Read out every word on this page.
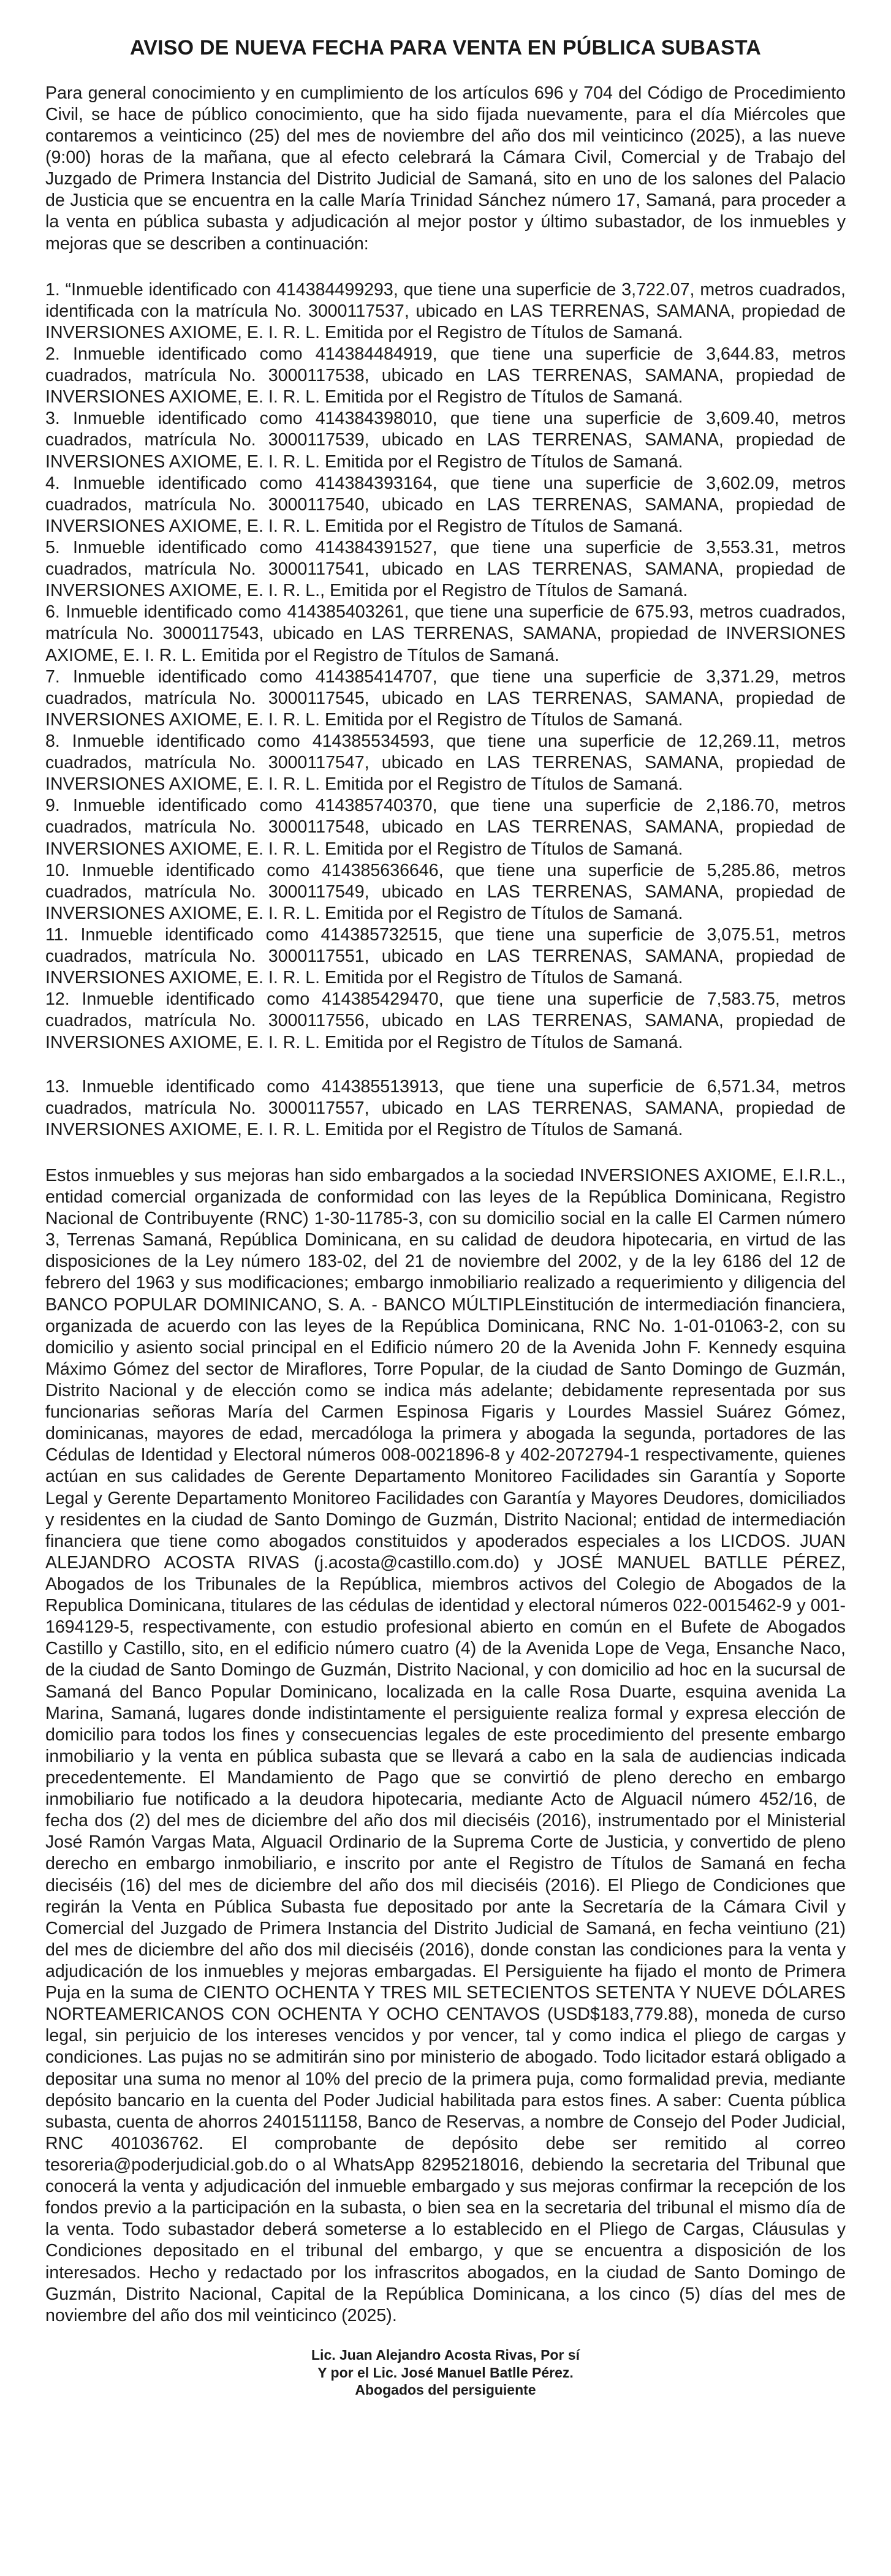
AVISO DE NUEVA FECHA PARA VENTA EN PÚBLICA SUBASTA

Para general conocimiento y en cumplimiento de los artículos 696 y 704 del Código de Procedimiento Civil, se hace de público conocimiento, que ha sido fijada nuevamente, para el día Miércoles que contaremos a veinticinco (25) del mes de noviembre del año dos mil veinticinco (2025), a las nueve (9:00) horas de la mañana, que al efecto celebrará la Cámara Civil, Comercial y de Trabajo del Juzgado de Primera Instancia del Distrito Judicial de Samaná, sito en uno de los salones del Palacio de Justicia que se encuentra en la calle María Trinidad Sánchez número 17, Samaná, para proceder a la venta en pública subasta y adjudicación al mejor postor y último subastador, de los inmuebles y mejoras que se describen a continuación:

1. “Inmueble identificado con 414384499293, que tiene una superficie de 3,722.07, metros cuadrados, identificada con la matrícula No. 3000117537, ubicado en LAS TERRENAS, SAMANA, propiedad de INVERSIONES AXIOME, E. I. R. L. Emitida por el Registro de Títulos de Samaná.

2. Inmueble identificado como 414384484919, que tiene una superficie de 3,644.83, metros cuadrados, matrícula No. 3000117538, ubicado en LAS TERRENAS, SAMANA, propiedad de INVERSIONES AXIOME, E. I. R. L. Emitida por el Registro de Títulos de Samaná.

3. Inmueble identificado como 414384398010, que tiene una superficie de 3,609.40, metros cuadrados, matrícula No. 3000117539, ubicado en LAS TERRENAS, SAMANA, propiedad de INVERSIONES AXIOME, E. I. R. L. Emitida por el Registro de Títulos de Samaná.

4. Inmueble identificado como 414384393164, que tiene una superficie de 3,602.09, metros cuadrados, matrícula No. 3000117540, ubicado en LAS TERRENAS, SAMANA, propiedad de INVERSIONES AXIOME, E. I. R. L. Emitida por el Registro de Títulos de Samaná.

5. Inmueble identificado como 414384391527, que tiene una superficie de 3,553.31, metros cuadrados, matrícula No. 3000117541, ubicado en LAS TERRENAS, SAMANA, propiedad de INVERSIONES AXIOME, E. I. R. L., Emitida por el Registro de Títulos de Samaná.

6. Inmueble identificado como 414385403261, que tiene una superficie de 675.93, metros cuadrados, matrícula No. 3000117543, ubicado en LAS TERRENAS, SAMANA, propiedad de INVERSIONES AXIOME, E. I. R. L. Emitida por el Registro de Títulos de Samaná.

7. Inmueble identificado como 414385414707, que tiene una superficie de 3,371.29, metros cuadrados, matrícula No. 3000117545, ubicado en LAS TERRENAS, SAMANA, propiedad de INVERSIONES AXIOME, E. I. R. L. Emitida por el Registro de Títulos de Samaná.

8. Inmueble identificado como 414385534593, que tiene una superficie de 12,269.11, metros cuadrados, matrícula No. 3000117547, ubicado en LAS TERRENAS, SAMANA, propiedad de INVERSIONES AXIOME, E. I. R. L. Emitida por el Registro de Títulos de Samaná.

9. Inmueble identificado como 414385740370, que tiene una superficie de 2,186.70, metros cuadrados, matrícula No. 3000117548, ubicado en LAS TERRENAS, SAMANA, propiedad de INVERSIONES AXIOME, E. I. R. L. Emitida por el Registro de Títulos de Samaná.

10. Inmueble identificado como 414385636646, que tiene una superficie de 5,285.86, metros cuadrados, matrícula No. 3000117549, ubicado en LAS TERRENAS, SAMANA, propiedad de INVERSIONES AXIOME, E. I. R. L. Emitida por el Registro de Títulos de Samaná.

11. Inmueble identificado como 414385732515, que tiene una superficie de 3,075.51, metros cuadrados, matrícula No. 3000117551, ubicado en LAS TERRENAS, SAMANA, propiedad de INVERSIONES AXIOME, E. I. R. L. Emitida por el Registro de Títulos de Samaná.

12. Inmueble identificado como 414385429470, que tiene una superficie de 7,583.75, metros cuadrados, matrícula No. 3000117556, ubicado en LAS TERRENAS, SAMANA, propiedad de INVERSIONES AXIOME, E. I. R. L. Emitida por el Registro de Títulos de Samaná.

13. Inmueble identificado como 414385513913, que tiene una superficie de 6,571.34, metros cuadrados, matrícula No. 3000117557, ubicado en LAS TERRENAS, SAMANA, propiedad de INVERSIONES AXIOME, E. I. R. L. Emitida por el Registro de Títulos de Samaná.

Estos inmuebles y sus mejoras han sido embargados a la sociedad INVERSIONES AXIOME, E.I.R.L., entidad comercial organizada de conformidad con las leyes de la República Dominicana, Registro Nacional de Contribuyente (RNC) 1-30-11785-3, con su domicilio social en la calle El Carmen número 3, Terrenas Samaná, República Dominicana, en su calidad de deudora hipotecaria, en virtud de las disposiciones de la Ley número 183-02, del 21 de noviembre del 2002, y de la ley 6186 del 12 de febrero del 1963 y sus modificaciones; embargo inmobiliario realizado a requerimiento y diligencia del BANCO POPULAR DOMINICANO, S. A. - BANCO MÚLTIPLEinstitución de intermediación financiera, organizada de acuerdo con las leyes de la República Dominicana, RNC No. 1-01-01063-2, con su domicilio y asiento social principal en el Edificio número 20 de la Avenida John F. Kennedy esquina Máximo Gómez del sector de Miraflores, Torre Popular, de la ciudad de Santo Domingo de Guzmán, Distrito Nacional y de elección como se indica más adelante; debidamente representada por sus funcionarias señoras María del Carmen Espinosa Figaris y Lourdes Massiel Suárez Gómez, dominicanas, mayores de edad, mercadóloga la primera y abogada la segunda, portadores de las Cédulas de Identidad y Electoral números 008-0021896-8 y 402-2072794-1 respectivamente, quienes actúan en sus calidades de Gerente Departamento Monitoreo Facilidades sin Garantía y Soporte Legal y Gerente Departamento Monitoreo Facilidades con Garantía y Mayores Deudores, domiciliados y residentes en la ciudad de Santo Domingo de Guzmán, Distrito Nacional; entidad de intermediación financiera que tiene como abogados constituidos y apoderados especiales a los LICDOS. JUAN ALEJANDRO ACOSTA RIVAS (j.acosta@castillo.com.do) y JOSÉ MANUEL BATLLE PÉREZ, Abogados de los Tribunales de la República, miembros activos del Colegio de Abogados de la Republica Dominicana, titulares de las cédulas de identidad y electoral números 022-0015462-9 y 001-1694129-5, respectivamente, con estudio profesional abierto en común en el Bufete de Abogados Castillo y Castillo, sito, en el edificio número cuatro (4) de la Avenida Lope de Vega, Ensanche Naco, de la ciudad de Santo Domingo de Guzmán, Distrito Nacional, y con domicilio ad hoc en la sucursal de Samaná del Banco Popular Dominicano, localizada en la calle Rosa Duarte, esquina avenida La Marina, Samaná, lugares donde indistintamente el persiguiente realiza formal y expresa elección de domicilio para todos los fines y consecuencias legales de este procedimiento del presente embargo inmobiliario y la venta en pública subasta que se llevará a cabo en la sala de audiencias indicada precedentemente. El Mandamiento de Pago que se convirtió de pleno derecho en embargo inmobiliario fue notificado a la deudora hipotecaria, mediante Acto de Alguacil número 452/16, de fecha dos (2) del mes de diciembre del año dos mil dieciséis (2016), instrumentado por el Ministerial José Ramón Vargas Mata, Alguacil Ordinario de la Suprema Corte de Justicia, y convertido de pleno derecho en embargo inmobiliario, e inscrito por ante el Registro de Títulos de Samaná en fecha dieciséis (16) del mes de diciembre del año dos mil dieciséis (2016). El Pliego de Condiciones que regirán la Venta en Pública Subasta fue depositado por ante la Secretaría de la Cámara Civil y Comercial del Juzgado de Primera Instancia del Distrito Judicial de Samaná, en fecha veintiuno (21) del mes de diciembre del año dos mil dieciséis (2016), donde constan las condiciones para la venta y adjudicación de los inmuebles y mejoras embargadas. El Persiguiente ha fijado el monto de Primera Puja en la suma de CIENTO OCHENTA Y TRES MIL SETECIENTOS SETENTA Y NUEVE DÓLARES NORTEAMERICANOS CON OCHENTA Y OCHO CENTAVOS (USD$183,779.88), moneda de curso legal, sin perjuicio de los intereses vencidos y por vencer, tal y como indica el pliego de cargas y condiciones. Las pujas no se admitirán sino por ministerio de abogado. Todo licitador estará obligado a depositar una suma no menor al 10% del precio de la primera puja, como formalidad previa, mediante depósito bancario en la cuenta del Poder Judicial habilitada para estos fines. A saber: Cuenta pública subasta, cuenta de ahorros 2401511158, Banco de Reservas, a nombre de Consejo del Poder Judicial, RNC 401036762. El comprobante de depósito debe ser remitido al correo tesoreria@poderjudicial.gob.do o al WhatsApp 8295218016, debiendo la secretaria del Tribunal que conocerá la venta y adjudicación del inmueble embargado y sus mejoras confirmar la recepción de los fondos previo a la participación en la subasta, o bien sea en la secretaria del tribunal el mismo día de la venta. Todo subastador deberá someterse a lo establecido en el Pliego de Cargas, Cláusulas y Condiciones depositado en el tribunal del embargo, y que se encuentra a disposición de los interesados. Hecho y redactado por los infrascritos abogados, en la ciudad de Santo Domingo de Guzmán, Distrito Nacional, Capital de la República Dominicana, a los cinco (5) días del mes de noviembre del año dos mil veinticinco (2025).

Lic. Juan Alejandro Acosta Rivas, Por sí
Y por el Lic. José Manuel Batlle Pérez.
Abogados del persiguiente
